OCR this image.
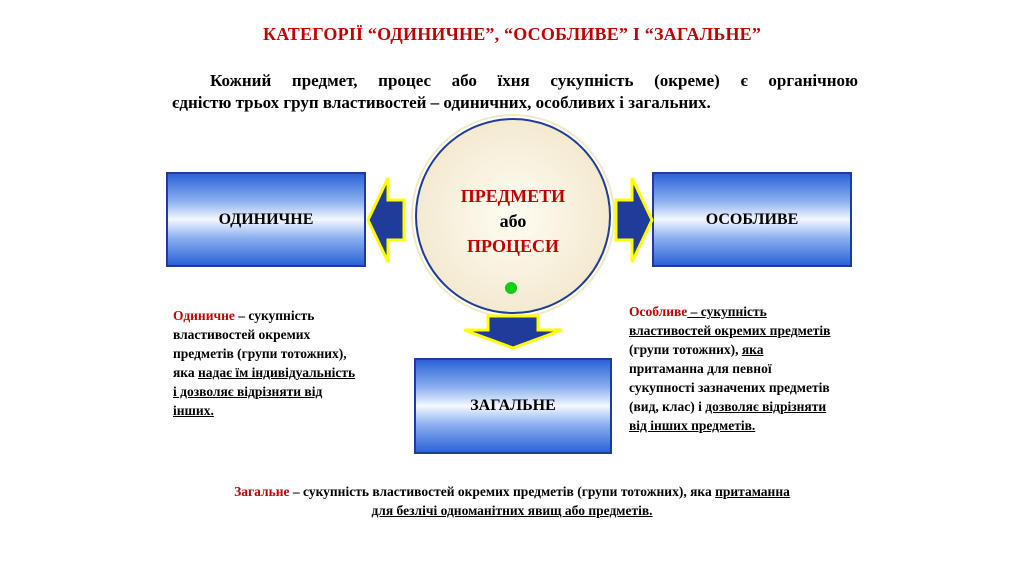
КАТЕГОРІЇ “ОДИНИЧНЕ”, “ОСОБЛИВЕ” І “ЗАГАЛЬНЕ”
Кожний предмет, процес або їхня сукупність (окреме) є органічною
єдністю трьох груп властивостей – одиничних, особливих і загальних.
ОДИНИЧНЕ	ОСОБЛИВЕ
ЗАГАЛЬНЕ
ПРЕДМЕТИ
або
ПРОЦЕСИ
Одиничне – сукупність
властивостей окремих
предметів (групи тотожних),
яка надає їм індивідуальність
і дозволяє відрізняти від
інших.
Особливе – сукупність
властивостей окремих предметів
(групи тотожних), яка
притаманна для певної
сукупності зазначених предметів
(вид, клас) і дозволяє відрізняти
від інших предметів.
Загальне – сукупність властивостей окремих предметів (групи тотожних), яка притаманна
для безлічі одноманітних явищ або предметів.
